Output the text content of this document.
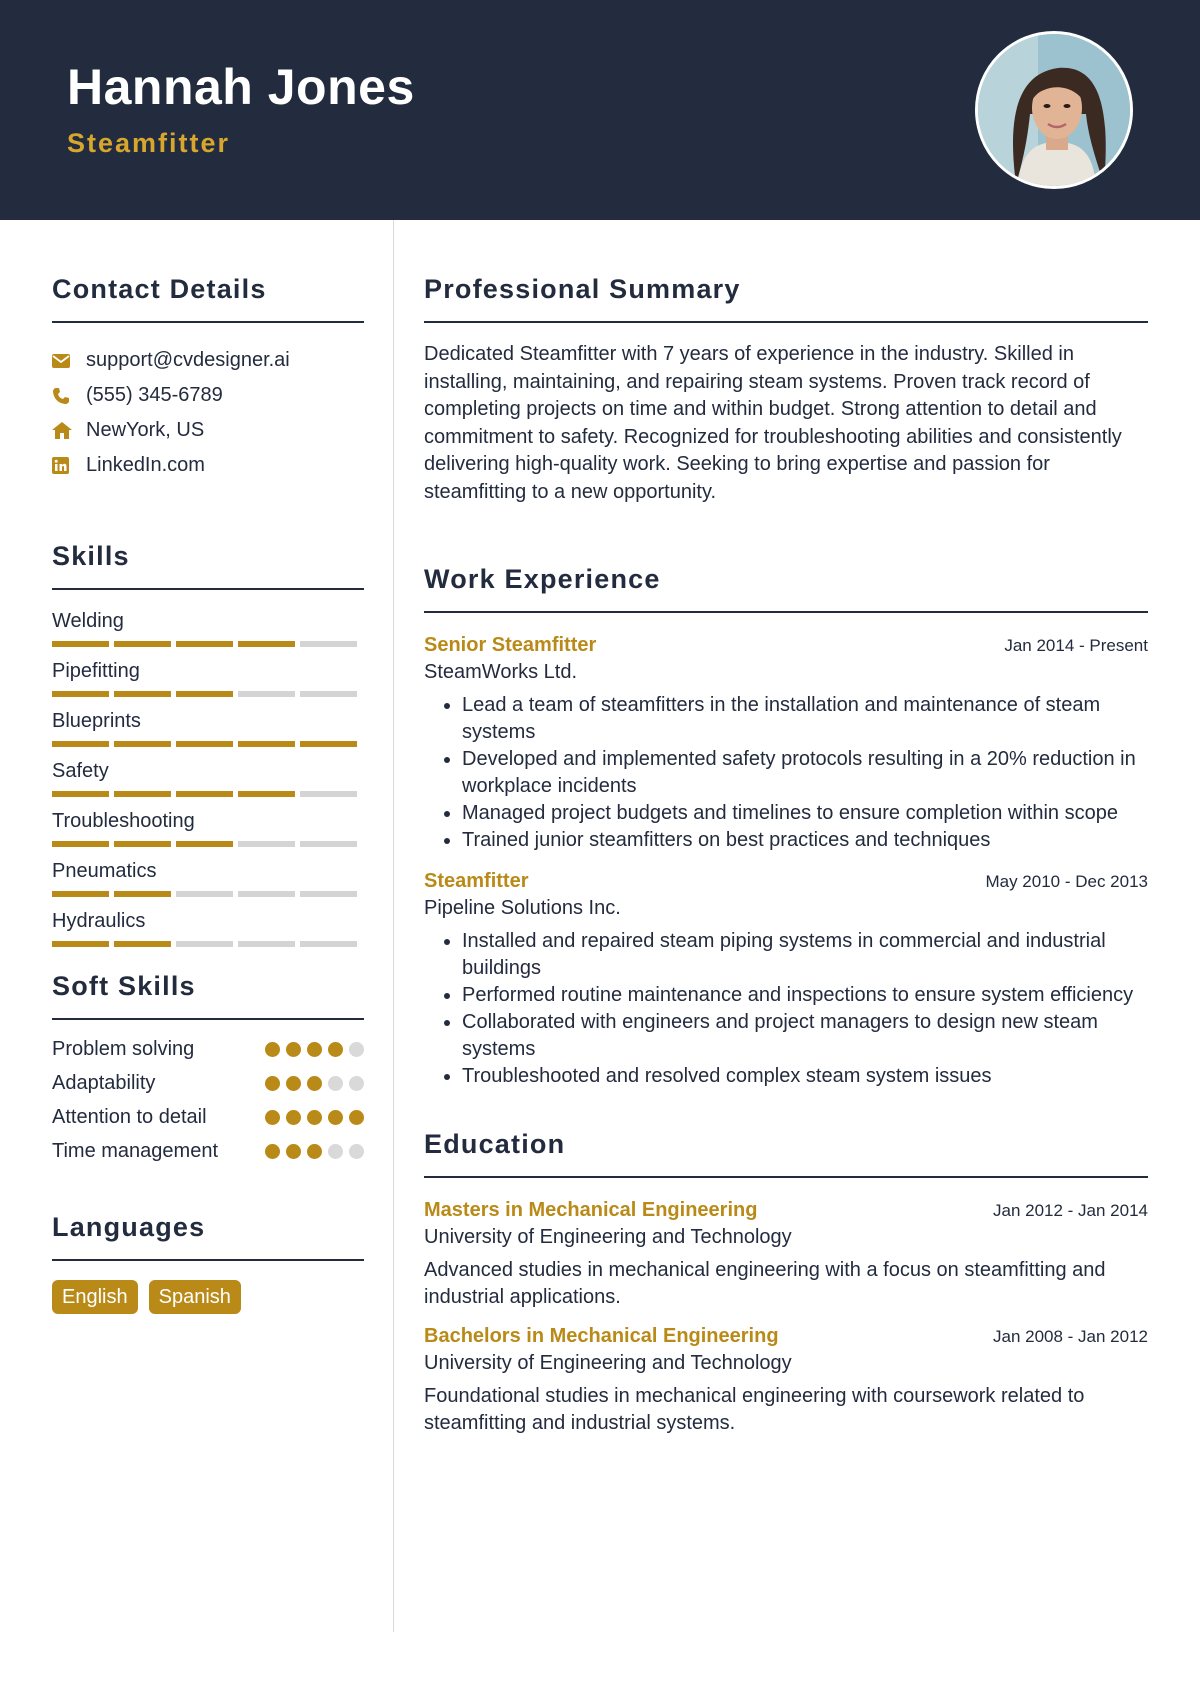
Hannah Jones
Steamfitter
Contact Details
support@cvdesigner.ai
(555) 345-6789
NewYork, US
LinkedIn.com
Skills
Welding
Pipefitting
Blueprints
Safety
Troubleshooting
Pneumatics
Hydraulics
Soft Skills
Problem solving
Adaptability
Attention to detail
Time management
Languages
English	Spanish
Professional Summary
Dedicated Steamfitter with 7 years of experience in the industry. Skilled in installing, maintaining, and repairing steam systems. Proven track record of completing projects on time and within budget. Strong attention to detail and commitment to safety. Recognized for troubleshooting abilities and consistently delivering high-quality work. Seeking to bring expertise and passion for steamfitting to a new opportunity.
Work Experience
Senior Steamfitter	Jan 2014 - Present
SteamWorks Ltd.
• Lead a team of steamfitters in the installation and maintenance of steam systems
• Developed and implemented safety protocols resulting in a 20% reduction in workplace incidents
• Managed project budgets and timelines to ensure completion within scope
• Trained junior steamfitters on best practices and techniques
Steamfitter	May 2010 - Dec 2013
Pipeline Solutions Inc.
• Installed and repaired steam piping systems in commercial and industrial buildings
• Performed routine maintenance and inspections to ensure system efficiency
• Collaborated with engineers and project managers to design new steam systems
• Troubleshooted and resolved complex steam system issues
Education
Masters in Mechanical Engineering	Jan 2012 - Jan 2014
University of Engineering and Technology
Advanced studies in mechanical engineering with a focus on steamfitting and industrial applications.
Bachelors in Mechanical Engineering	Jan 2008 - Jan 2012
University of Engineering and Technology
Foundational studies in mechanical engineering with coursework related to steamfitting and industrial systems.
